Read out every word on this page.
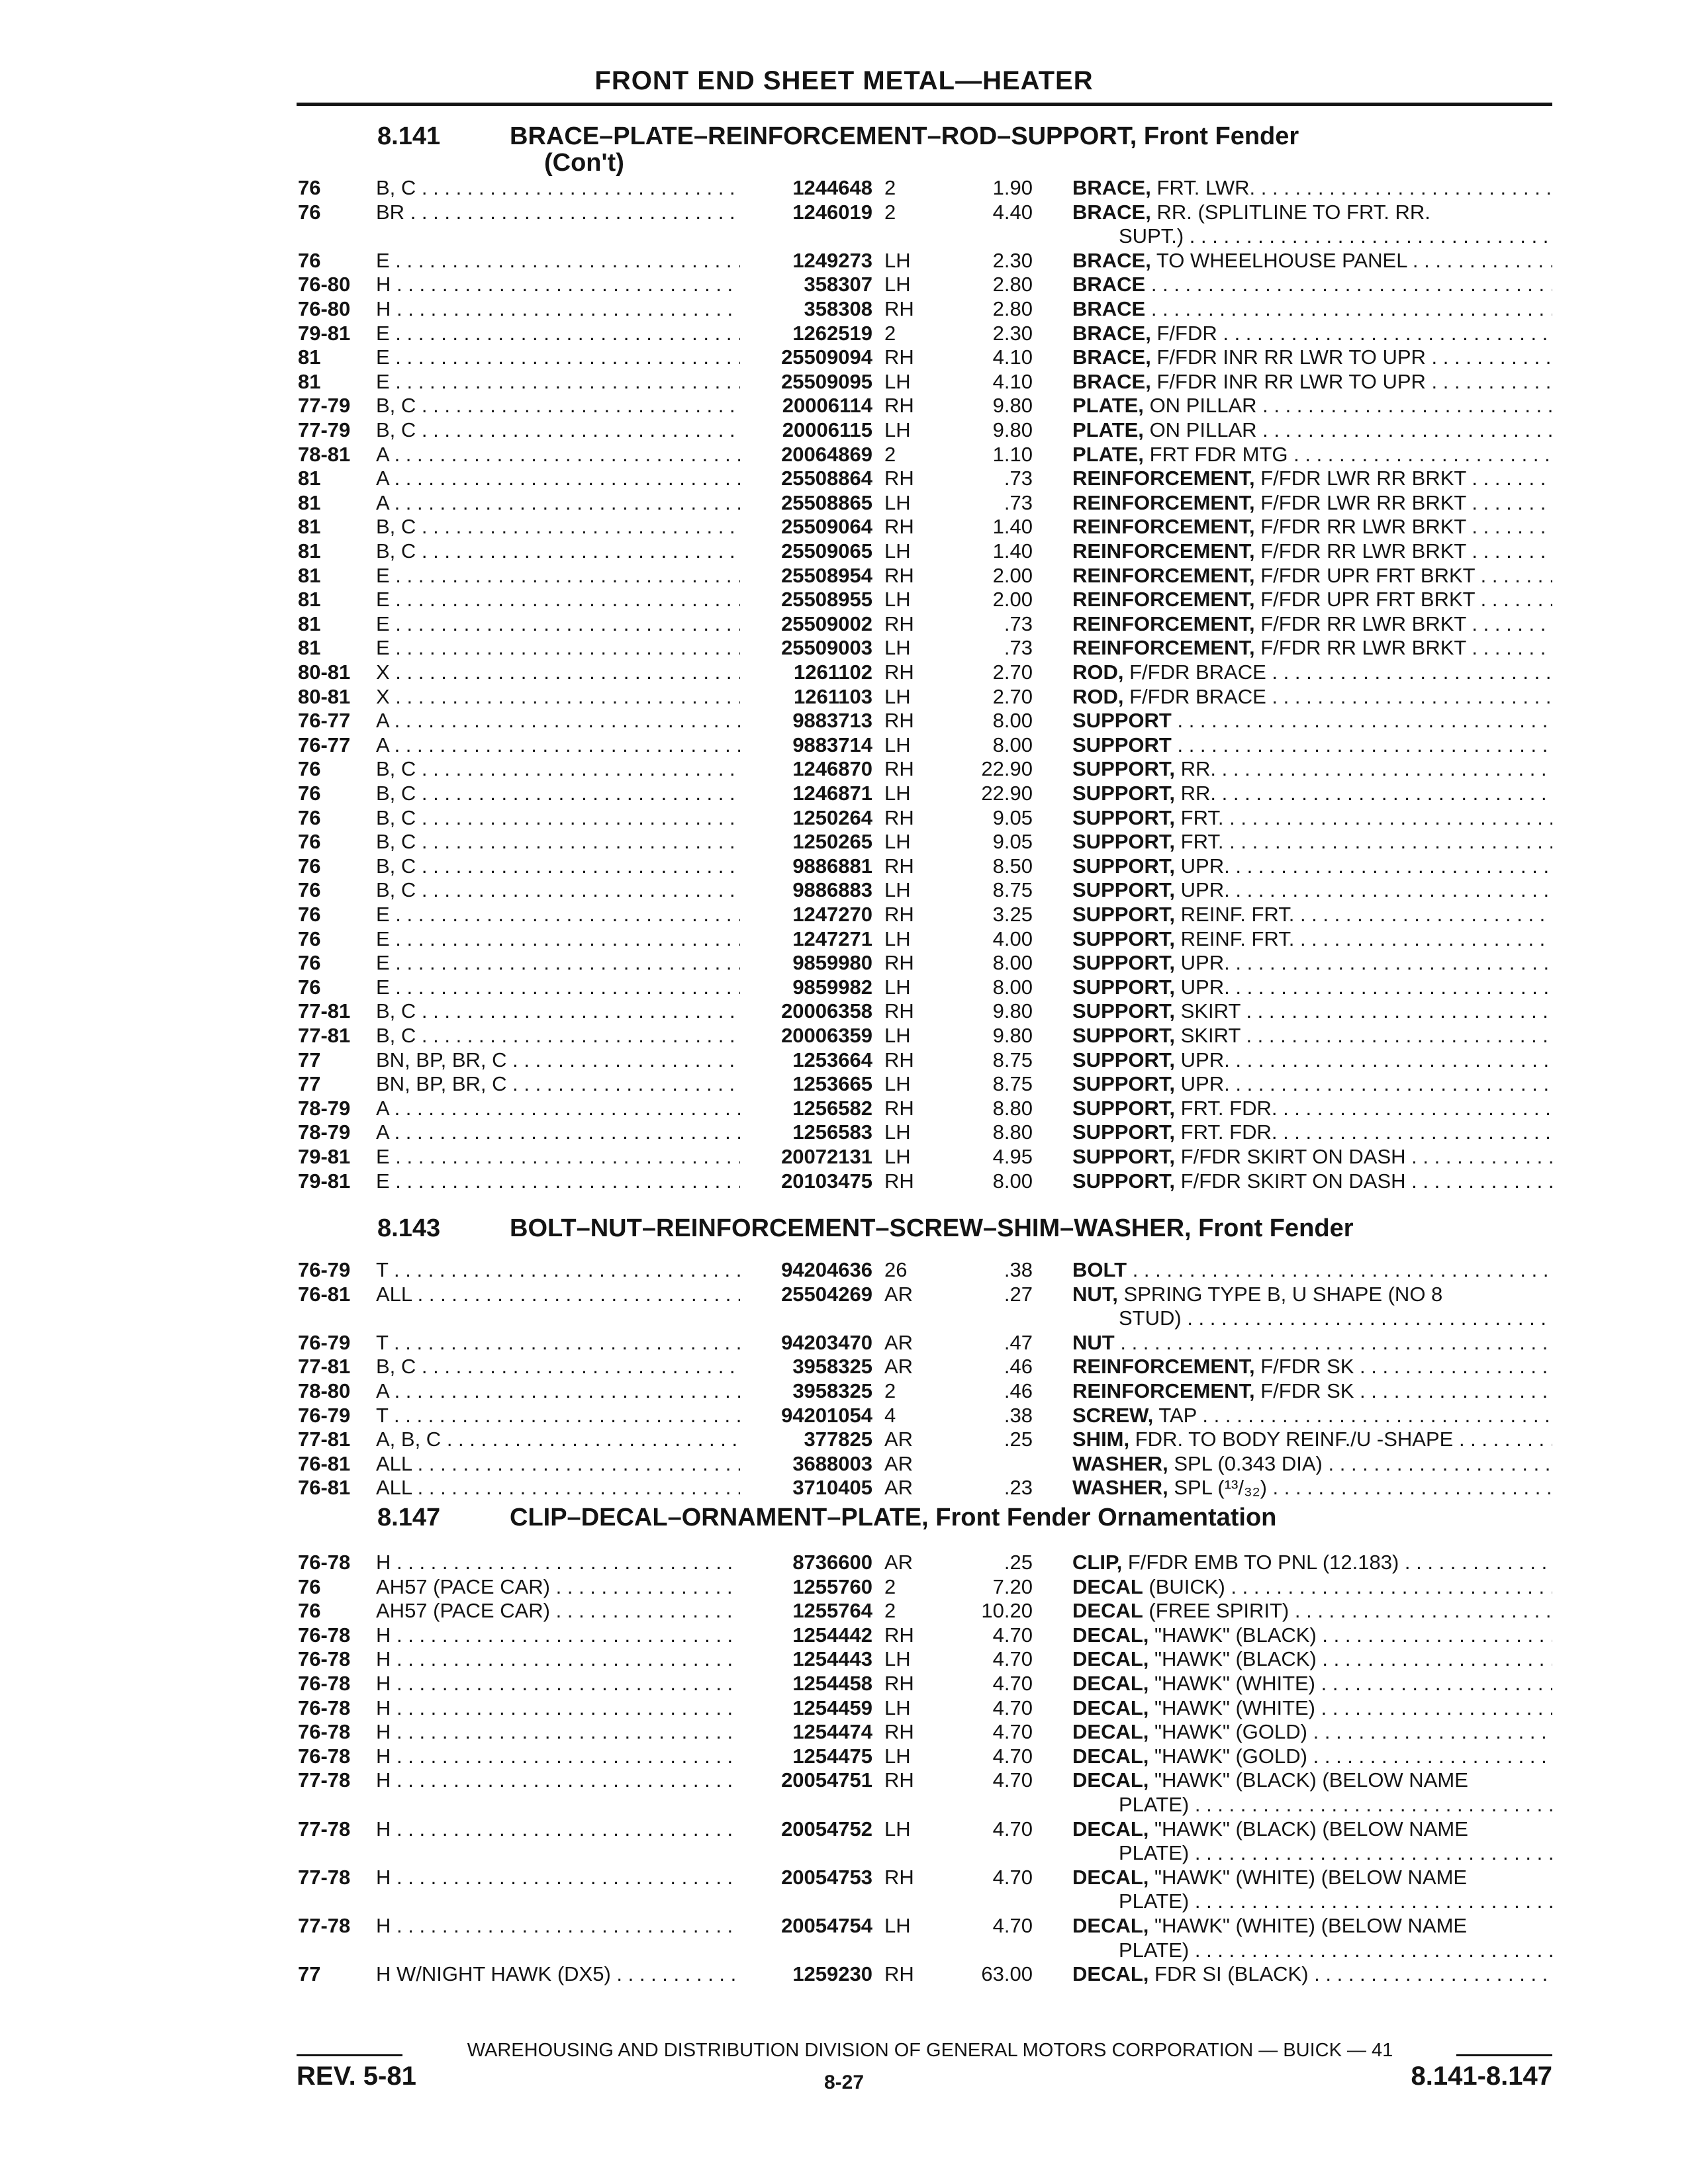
FRONT END SHEET METAL—HEATER
8.141	BRACE–PLATE–REINFORCEMENT–ROD–SUPPORT, Front Fender
(Con't)
76	B, C . . .	1244648 2	1.90 BRACE, FRT. LWR. . . .
76	BR . . .	1246019 2	4.40 BRACE, RR. (SPLITLINE TO FRT. RR.
SUPT.) . . .
76	E . . .	1249273 LH	2.30 BRACE, TO WHEELHOUSE PANEL . . .
76-80 H . . .	358307 LH	2.80 BRACE . . .
76-80 H . . .	358308 RH	2.80 BRACE . . .
79-81 E . . .	1262519 2	2.30 BRACE, F/FDR . . .
81	E . . .	25509094 RH	4.10 BRACE, F/FDR INR RR LWR TO UPR . . .
81	E . . .	25509095 LH	4.10 BRACE, F/FDR INR RR LWR TO UPR . . .
77-79 B, C . . .	20006114 RH	9.80 PLATE, ON PILLAR . . .
77-79 B, C . . .	20006115 LH	9.80 PLATE, ON PILLAR . . .
78-81 A . . .	20064869 2	1.10 PLATE, FRT FDR MTG . . .
81	A . . .	25508864 RH	.73 REINFORCEMENT, F/FDR LWR RR BRKT . . .
81	A . . .	25508865 LH	.73 REINFORCEMENT, F/FDR LWR RR BRKT . . .
81	B, C . . .	25509064 RH	1.40 REINFORCEMENT, F/FDR RR LWR BRKT . . .
81	B, C . . .	25509065 LH	1.40 REINFORCEMENT, F/FDR RR LWR BRKT . . .
81	E . . .	25508954 RH	2.00 REINFORCEMENT, F/FDR UPR FRT BRKT . . .
81	E . . .	25508955 LH	2.00 REINFORCEMENT, F/FDR UPR FRT BRKT . . .
81	E . . .	25509002 RH	.73 REINFORCEMENT, F/FDR RR LWR BRKT . . .
81	E . . .	25509003 LH	.73 REINFORCEMENT, F/FDR RR LWR BRKT . . .
80-81 X . . .	1261102 RH	2.70 ROD, F/FDR BRACE . . .
80-81 X . . .	1261103 LH	2.70 ROD, F/FDR BRACE . . .
76-77 A . . .	9883713 RH	8.00 SUPPORT . . .
76-77 A . . .	9883714 LH	8.00 SUPPORT . . .
76	B, C . . .	1246870 RH	22.90 SUPPORT, RR. . . .
76	B, C . . .	1246871 LH	22.90 SUPPORT, RR. . . .
76	B, C . . .	1250264 RH	9.05 SUPPORT, FRT. . . .
76	B, C . . .	1250265 LH	9.05 SUPPORT, FRT. . . .
76	B, C . . .	9886881 RH	8.50 SUPPORT, UPR. . . .
76	B, C . . .	9886883 LH	8.75 SUPPORT, UPR. . . .
76	E . . .	1247270 RH	3.25 SUPPORT, REINF. FRT. . . .
76	E . . .	1247271 LH	4.00 SUPPORT, REINF. FRT. . . .
76	E . . .	9859980 RH	8.00 SUPPORT, UPR. . . .
76	E . . .	9859982 LH	8.00 SUPPORT, UPR. . . .
77-81 B, C . . .	20006358 RH	9.80 SUPPORT, SKIRT . . .
77-81 B, C . . .	20006359 LH	9.80 SUPPORT, SKIRT . . .
77	BN, BP, BR, C . . .	1253664 RH	8.75 SUPPORT, UPR. . . .
77	BN, BP, BR, C . . .	1253665 LH	8.75 SUPPORT, UPR. . . .
78-79 A . . .	1256582 RH	8.80 SUPPORT, FRT. FDR. . . .
78-79 A . . .	1256583 LH	8.80 SUPPORT, FRT. FDR. . . .
79-81 E . . .	20072131 LH	4.95 SUPPORT, F/FDR SKIRT ON DASH . . .
79-81 E . . .	20103475 RH	8.00 SUPPORT, F/FDR SKIRT ON DASH . . .
8.143	BOLT–NUT–REINFORCEMENT–SCREW–SHIM–WASHER, Front Fender
76-79 T . . .	94204636 26	.38 BOLT . . .
76-81 ALL . . .	25504269 AR	.27 NUT, SPRING TYPE B, U SHAPE (NO 8
STUD) . . .
76-79 T . . .	94203470 AR	.47 NUT . . .
77-81 B, C . . .	3958325 AR	.46 REINFORCEMENT, F/FDR SK . . .
78-80 A . . .	3958325 2	.46 REINFORCEMENT, F/FDR SK . . .
76-79 T . . .	94201054 4	.38 SCREW, TAP . . .
77-81 A, B, C . . .	377825 AR	.25 SHIM, FDR. TO BODY REINF./U -SHAPE . . .
76-81 ALL . . .	3688003 AR	WASHER, SPL (0.343 DIA) . . .
76-81 ALL . . .	3710405 AR	.23 WASHER, SPL (¹³/₃₂) . . .
8.147	CLIP–DECAL–ORNAMENT–PLATE, Front Fender Ornamentation
76-78 H . . .	8736600 AR	.25 CLIP, F/FDR EMB TO PNL (12.183) . . .
76	AH57 (PACE CAR) . . .	1255760 2	7.20 DECAL (BUICK) . . .
76	AH57 (PACE CAR) . . .	1255764 2	10.20 DECAL (FREE SPIRIT) . . .
76-78 H . . .	1254442 RH	4.70 DECAL, "HAWK" (BLACK) . . .
76-78 H . . .	1254443 LH	4.70 DECAL, "HAWK" (BLACK) . . .
76-78 H . . .	1254458 RH	4.70 DECAL, "HAWK" (WHITE) . . .
76-78 H . . .	1254459 LH	4.70 DECAL, "HAWK" (WHITE) . . .
76-78 H . . .	1254474 RH	4.70 DECAL, "HAWK" (GOLD) . . .
76-78 H . . .	1254475 LH	4.70 DECAL, "HAWK" (GOLD) . . .
77-78 H . . .	20054751 RH	4.70 DECAL, "HAWK" (BLACK) (BELOW NAME
PLATE) . . .
77-78 H . . .	20054752 LH	4.70 DECAL, "HAWK" (BLACK) (BELOW NAME
PLATE) . . .
77-78 H . . .	20054753 RH	4.70 DECAL, "HAWK" (WHITE) (BELOW NAME
PLATE) . . .
77-78 H . . .	20054754 LH	4.70 DECAL, "HAWK" (WHITE) (BELOW NAME
PLATE) . . .
77	H W/NIGHT HAWK (DX5) . . .	1259230 RH	63.00 DECAL, FDR SI (BLACK) . . .
WAREHOUSING AND DISTRIBUTION DIVISION OF GENERAL MOTORS CORPORATION — BUICK — 41
REV. 5-81	8-27	8.141-8.147
